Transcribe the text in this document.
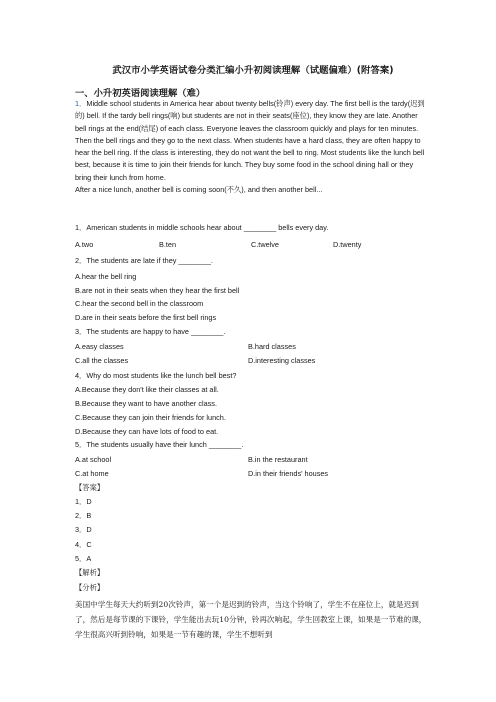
武汉市小学英语试卷分类汇编小升初阅读理解（试题偏难）(附答案)
一、小升初英语阅读理解（难）

1．Middle school students in America hear about twenty bells(铃声) every day. The first bell is the tardy(迟到的) bell. If the tardy bell rings(响) but students are not in their seats(座位), they know they are late. Another bell rings at the end(结尾) of each class. Everyone leaves the classroom quickly and plays for ten minutes. Then the bell rings and they go to the next class. When students have a hard class, they are often happy to hear the bell ring. If the class is interesting, they do not want the bell to ring. Most students like the lunch bell best, because it is time to join their friends for lunch. They buy some food in the school dining hall or they bring their lunch from home.

After a nice lunch, another bell is coming soon(不久), and then another bell...

1．American students in middle schools hear about ________ bells every day.
A.two	B.ten	C.twelve	D.twenty
2．The students are late if they ________.
A.hear the bell ring
B.are not in their seats when they hear the first bell
C.hear the second bell in the classroom
D.are in their seats before the first bell rings
3．The students are happy to have ________.
A.easy classes	B.hard classes
C.all the classes	D.interesting classes
4．Why do most students like the lunch bell best?
A.Because they don't like their classes at all.
B.Because they want to have another class.
C.Because they can join their friends for lunch.
D.Because they can have lots of food to eat.
5．The students usually have their lunch ________.
A.at school	B.in the restaurant
C.at home	D.in their friends' houses
【答案】
1．D
2．B
3．D
4．C
5．A
【解析】
【分析】

美国中学生每天大约听到20次铃声，第一个是迟到的铃声，当这个铃响了，学生不在座位上，就是迟到了，然后是每节课的下课铃，学生能出去玩10分钟，铃再次响起，学生回教室上课，如果是一节难的课，学生很高兴听到铃响，如果是一节有趣的课，学生不想听到
